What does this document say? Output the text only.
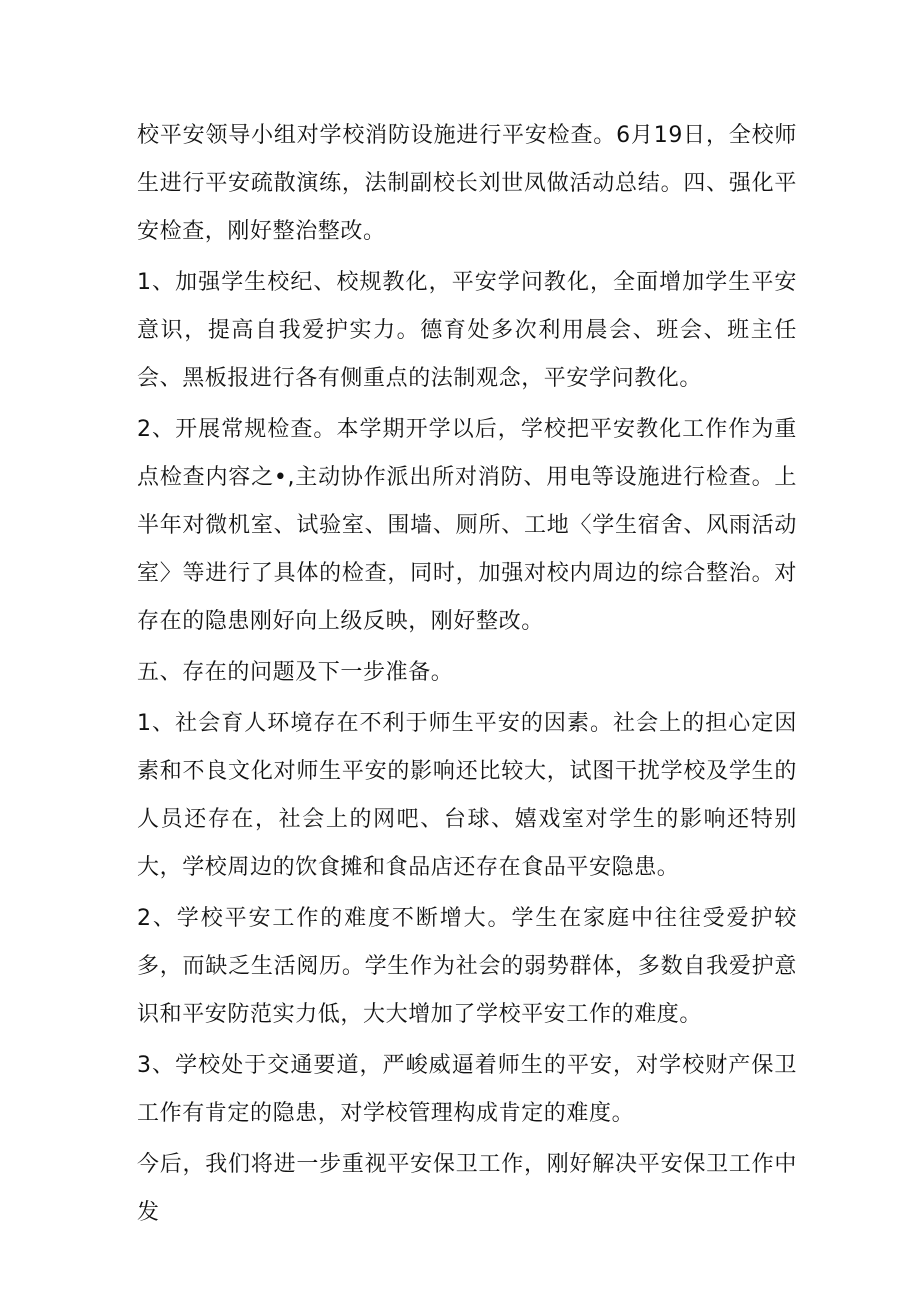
校平安领导小组对学校消防设施进行平安检查。6月19日，全校师生进行平安疏散演练，法制副校长刘世凤做活动总结。四、强化平安检查，刚好整治整改。

1、加强学生校纪、校规教化，平安学问教化，全面增加学生平安意识，提高自我爱护实力。德育处多次利用晨会、班会、班主任会、黑板报进行各有侧重点的法制观念，平安学问教化。

2、开展常规检查。本学期开学以后，学校把平安教化工作作为重点检查内容之•,主动协作派出所对消防、用电等设施进行检查。上半年对微机室、试验室、围墙、厕所、工地〈学生宿舍、风雨活动室〉等进行了具体的检查，同时，加强对校内周边的综合整治。对存在的隐患刚好向上级反映，刚好整改。

五、存在的问题及下一步准备。

1、社会育人环境存在不利于师生平安的因素。社会上的担心定因素和不良文化对师生平安的影响还比较大，试图干扰学校及学生的人员还存在，社会上的网吧、台球、嬉戏室对学生的影响还特别大，学校周边的饮食摊和食品店还存在食品平安隐患。

2、学校平安工作的难度不断增大。学生在家庭中往往受爱护较多，而缺乏生活阅历。学生作为社会的弱势群体，多数自我爱护意识和平安防范实力低，大大增加了学校平安工作的难度。

3、学校处于交通要道，严峻威逼着师生的平安，对学校财产保卫工作有肯定的隐患，对学校管理构成肯定的难度。

今后，我们将进一步重视平安保卫工作，刚好解决平安保卫工作中发
